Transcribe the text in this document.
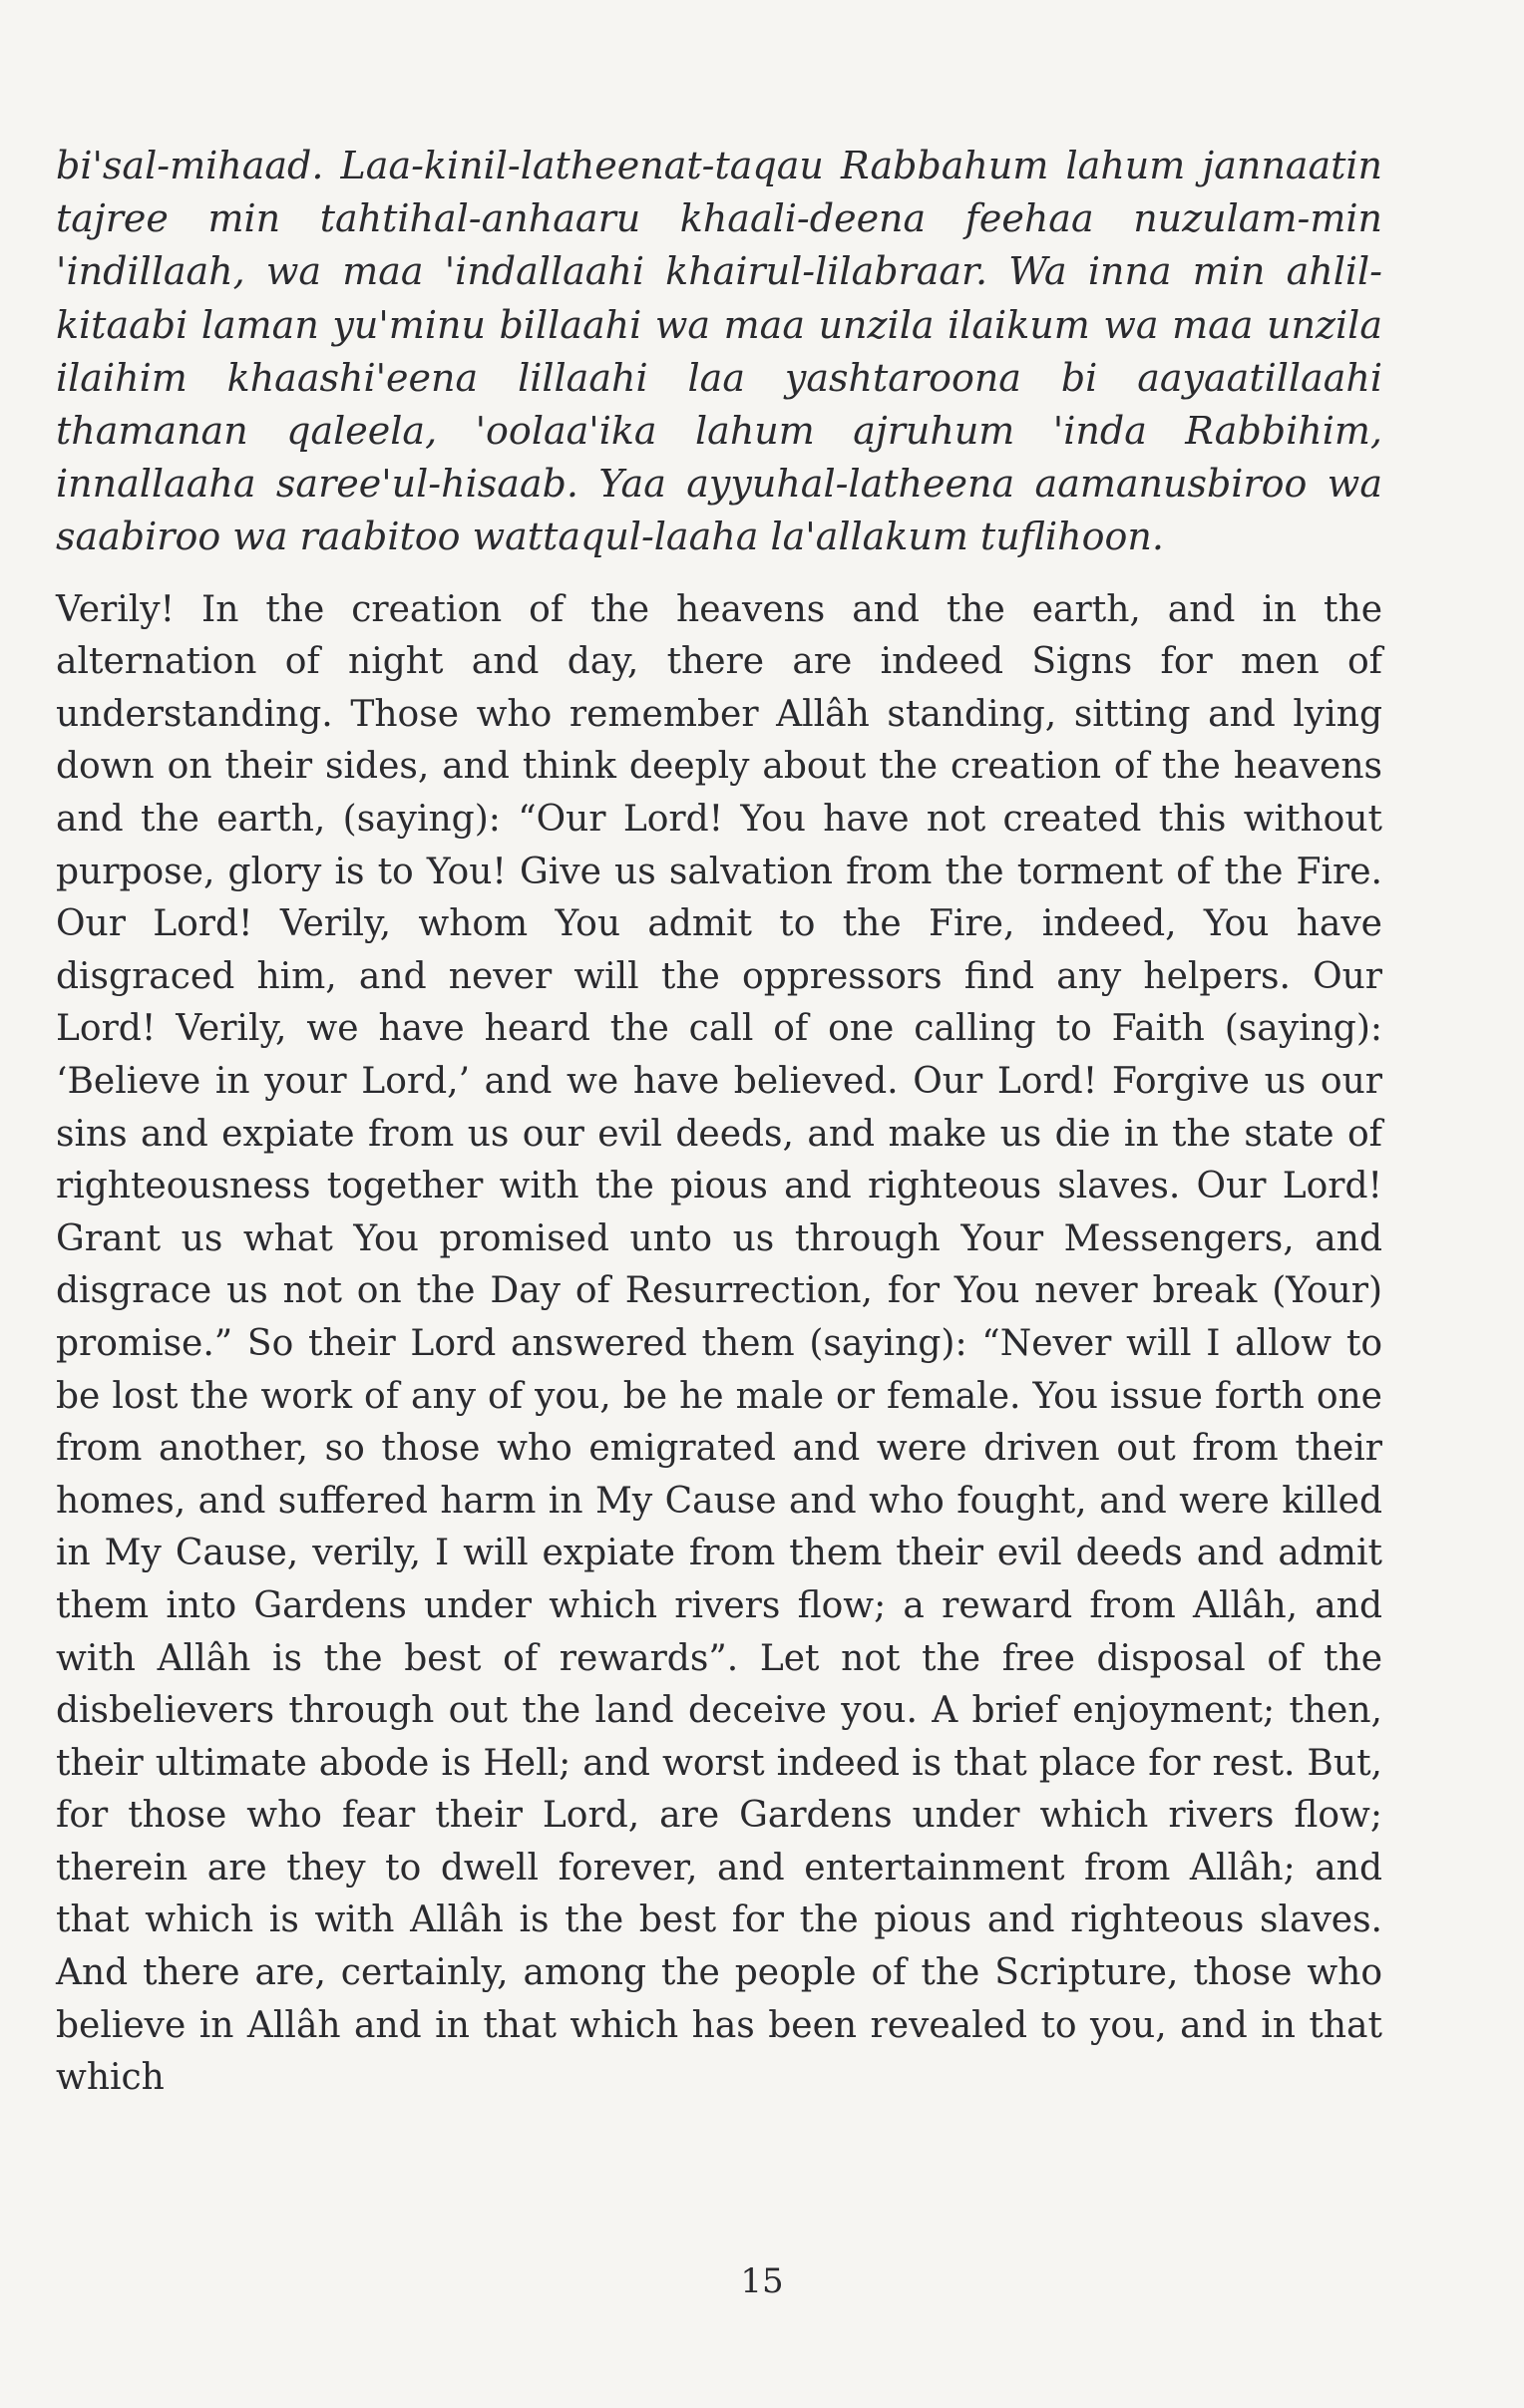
bi'sal-mihaad. Laa-kinil-latheenat-taqau Rabbahum lahum jannaatin tajree min tahtihal-anhaaru khaali-deena feehaa nuzulam-min 'indillaah, wa maa 'indallaahi khairul-lilabraar. Wa inna min ahlil-kitaabi laman yu'minu billaahi wa maa unzila ilaikum wa maa unzila ilaihim khaashi'eena lillaahi laa yashtaroona bi aayaatillaahi thamanan qaleela, 'oolaa'ika lahum ajruhum 'inda Rabbihim, innallaaha saree'ul-hisaab. Yaa ayyuhal-latheena aamanusbiroo wa saabiroo wa raabitoo wattaqul-laaha la'allakum tuflihoon.

Verily! In the creation of the heavens and the earth, and in the alternation of night and day, there are indeed Signs for men of understanding. Those who remember Allâh standing, sitting and lying down on their sides, and think deeply about the creation of the heavens and the earth, (saying): “Our Lord! You have not created this without purpose, glory is to You! Give us salvation from the torment of the Fire. Our Lord! Verily, whom You admit to the Fire, indeed, You have disgraced him, and never will the oppressors find any helpers. Our Lord! Verily, we have heard the call of one calling to Faith (saying): ‘Believe in your Lord,’ and we have believed. Our Lord! Forgive us our sins and expiate from us our evil deeds, and make us die in the state of righteousness together with the pious and righteous slaves. Our Lord! Grant us what You promised unto us through Your Messengers, and disgrace us not on the Day of Resurrection, for You never break (Your) promise.” So their Lord answered them (saying): “Never will I allow to be lost the work of any of you, be he male or female. You issue forth one from another, so those who emigrated and were driven out from their homes, and suffered harm in My Cause and who fought, and were killed in My Cause, verily, I will expiate from them their evil deeds and admit them into Gardens under which rivers flow; a reward from Allâh, and with Allâh is the best of rewards”. Let not the free disposal of the disbelievers through out the land deceive you. A brief enjoyment; then, their ultimate abode is Hell; and worst indeed is that place for rest. But, for those who fear their Lord, are Gardens under which rivers flow; therein are they to dwell forever, and entertainment from Allâh; and that which is with Allâh is the best for the pious and righteous slaves. And there are, certainly, among the people of the Scripture, those who believe in Allâh and in that which has been revealed to you, and in that which

15
